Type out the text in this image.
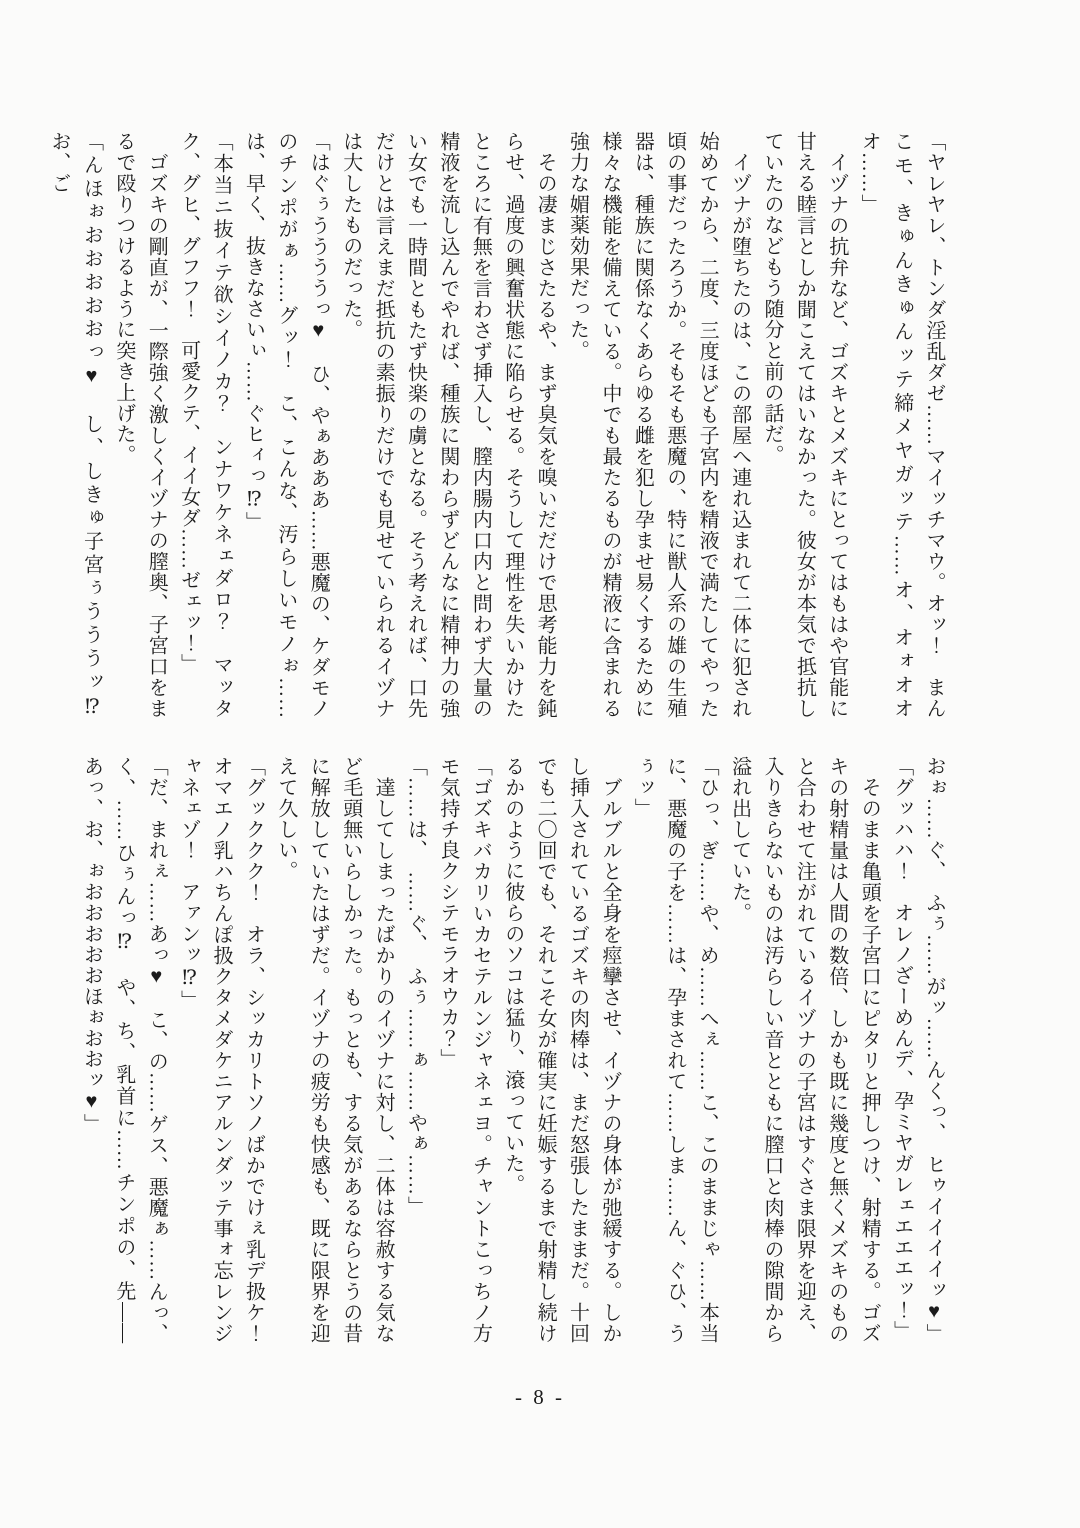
「ヤレヤレ、トンダ淫乱ダゼ……マイッチマウ。オッ！　まんこモ、きゅんきゅんッテ締メヤガッテ……オ、オォオオオ……」

　イヅナの抗弁など、ゴズキとメズキにとってはもはや官能に甘える睦言としか聞こえてはいなかった。彼女が本気で抵抗していたのなどもう随分と前の話だ。

　イヅナが堕ちたのは、この部屋へ連れ込まれて二体に犯され始めてから、二度、三度ほども子宮内を精液で満たしてやった頃の事だったろうか。そもそも悪魔の、特に獣人系の雄の生殖器は、種族に関係なくあらゆる雌を犯し孕ませ易くするために様々な機能を備えている。中でも最たるものが精液に含まれる強力な媚薬効果だった。

　その凄まじさたるや、まず臭気を嗅いだだけで思考能力を鈍らせ、過度の興奮状態に陥らせる。そうして理性を失いかけたところに有無を言わさず挿入し、膣内腸内口内と問わず大量の精液を流し込んでやれば、種族に関わらずどんなに精神力の強い女でも一時間ともたず快楽の虜となる。そう考えれば、口先だけとは言えまだ抵抗の素振りだけでも見せていられるイヅナは大したものだった。

「はぐぅううううっ♥　ひ、やぁあああ……悪魔の、ケダモノのチンポがぁ……グッ！　こ、こんな、汚らしいモノぉ……は、早く、抜きなさいぃ……ぐヒィっ⁉」

「本当ニ抜イテ欲シイノカ？　ンナワケネェダロ？　マッタク、グヒ、グフフ！　可愛クテ、イイ女ダ……ゼェッ！」

　ゴズキの剛直が、一際強く激しくイヅナの膣奥、子宮口をまるで殴りつけるように突き上げた。

「んほぉおおおおおっ♥　し、しきゅ子宮ぅうううッ⁉　お、ご

おぉ……ぐ、　ふぅ……がッ……んくっ、　ヒゥイイイイッ♥」

「グッハハ！　オレノざーめんデ、孕ミヤガレェエエエッ！」

　そのまま亀頭を子宮口にピタリと押しつけ、射精する。ゴズキの射精量は人間の数倍、しかも既に幾度と無くメズキのものと合わせて注がれているイヅナの子宮はすぐさま限界を迎え、入りきらないものは汚らしい音とともに膣口と肉棒の隙間から溢れ出していた。

「ひっ、ぎ……や、め……へぇ……こ、このままじゃ……本当に、悪魔の子を……は、孕まされて……しま……ん、ぐひ、うぅッ」

　ブルブルと全身を痙攣させ、イヅナの身体が弛緩する。しかし挿入されているゴズキの肉棒は、まだ怒張したままだ。十回でも二〇回でも、それこそ女が確実に妊娠するまで射精し続けるかのように彼らのソコは猛り、滾っていた。

「ゴズキバカリいカセテルンジャネェヨ。チャントこっちノ方モ気持チ良クシテモラオウカ？」

「……は、　……ぐ、　ふぅ……ぁ……やぁ……」

　達してしまったばかりのイヅナに対し、二体は容赦する気など毛頭無いらしかった。もっとも、する気があるならとうの昔に解放していたはずだ。イヅナの疲労も快感も、既に限界を迎えて久しい。

「グッククク！　オラ、シッカリトソノばかでけぇ乳デ扱ケ！　オマエノ乳ハちんぽ扱クタメダケニアルンダッテ事ォ忘レンジャネェゾ！　アァンッ⁉」

「だ、まれぇ……あっ♥　こ、の……ゲス、悪魔ぁ……んっ、く、……ひぅんっ⁉　や、ち、乳首に……チンポの、先――あっ、お、ぉおおおおおほぉおおッ♥」

- 8 -
